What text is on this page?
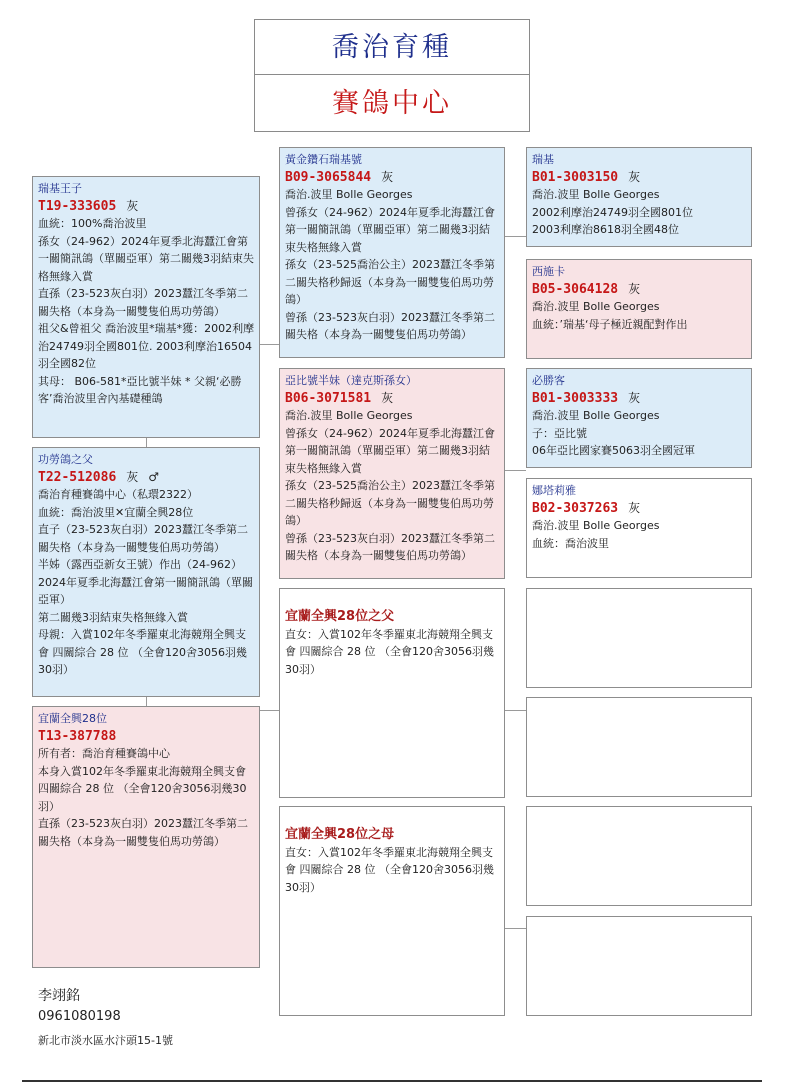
喬治育種
賽鴿中心
瑞基王子
T19-333605 灰
血統：100%喬治波里
孫女（24-962）2024年夏季北海蠶江會第一關簡訊鴿（單關亞軍）第二關幾3羽結束失格無緣入賞
直孫（23-523灰白羽）2023蠶江冬季第二關失格（本身為一關雙隻伯馬功勞鴿）
祖父&曾祖父 喬治波里*瑞基*獲：2002利摩治24749羽全國801位. 2003利摩治16504羽全國82位
其母： B06-581*亞比號半妹 * 父親‘必勝客’喬治波里舍內基礎種鴿
功勞鴿之父
T22-512086 灰 ♂
喬治育種賽鴿中心（私環2322）
血統：喬治波里✕宜蘭全興28位
直子（23-523灰白羽）2023蠶江冬季第二關失格（本身為一關雙隻伯馬功勞鴿）
半姊（露西亞新女王號）作出（24-962）2024年夏季北海蠶江會第一關簡訊鴿（單關亞軍）
第二關幾3羽結束失格無緣入賞
母親：入賞102年冬季羅東北海競翔全興支會 四關綜合 28 位 （全會120舍3056羽幾30羽）
宜蘭全興28位
T13-387788
所有者：喬治育種賽鴿中心
本身入賞102年冬季羅東北海競翔全興支會 四關綜合 28 位 （全會120舍3056羽幾30羽）
直孫（23-523灰白羽）2023蠶江冬季第二關失格（本身為一關雙隻伯馬功勞鴿）
黃金鑽石瑞基號
B09-3065844 灰
喬治.波里 Bolle Georges
曾孫女（24-962）2024年夏季北海蠶江會第一關簡訊鴿（單關亞軍）第二關幾3羽結束失格無緣入賞
孫女（23-525喬治公主）2023蠶江冬季第二關失格秒歸返（本身為一關雙隻伯馬功勞鴿）
曾孫（23-523灰白羽）2023蠶江冬季第二關失格（本身為一關雙隻伯馬功勞鴿）
亞比號半妹（達克斯孫女）
B06-3071581 灰
喬治.波里 Bolle Georges
曾孫女（24-962）2024年夏季北海蠶江會第一關簡訊鴿（單關亞軍）第二關幾3羽結束失格無緣入賞
孫女（23-525喬治公主）2023蠶江冬季第二關失格秒歸返（本身為一關雙隻伯馬功勞鴿）
曾孫（23-523灰白羽）2023蠶江冬季第二關失格（本身為一關雙隻伯馬功勞鴿）
宜蘭全興28位之父
直女：入賞102年冬季羅東北海競翔全興支會 四關綜合 28 位 （全會120舍3056羽幾30羽）
宜蘭全興28位之母
直女：入賞102年冬季羅東北海競翔全興支會 四關綜合 28 位 （全會120舍3056羽幾30羽）
瑞基
B01-3003150 灰
喬治.波里 Bolle Georges
2002利摩治24749羽全國801位
2003利摩治8618羽全國48位
西施卡
B05-3064128 灰
喬治.波里 Bolle Georges
血統：’瑞基‘母子極近親配對作出
必勝客
B01-3003333 灰
喬治.波里 Bolle Georges
子：亞比號
06年亞比國家賽5063羽全國冠軍
娜塔莉雅
B02-3037263 灰
喬治.波里 Bolle Georges
血統：喬治波里
李翊銘
0961080198
新北市淡水區水汴頭15-1號
